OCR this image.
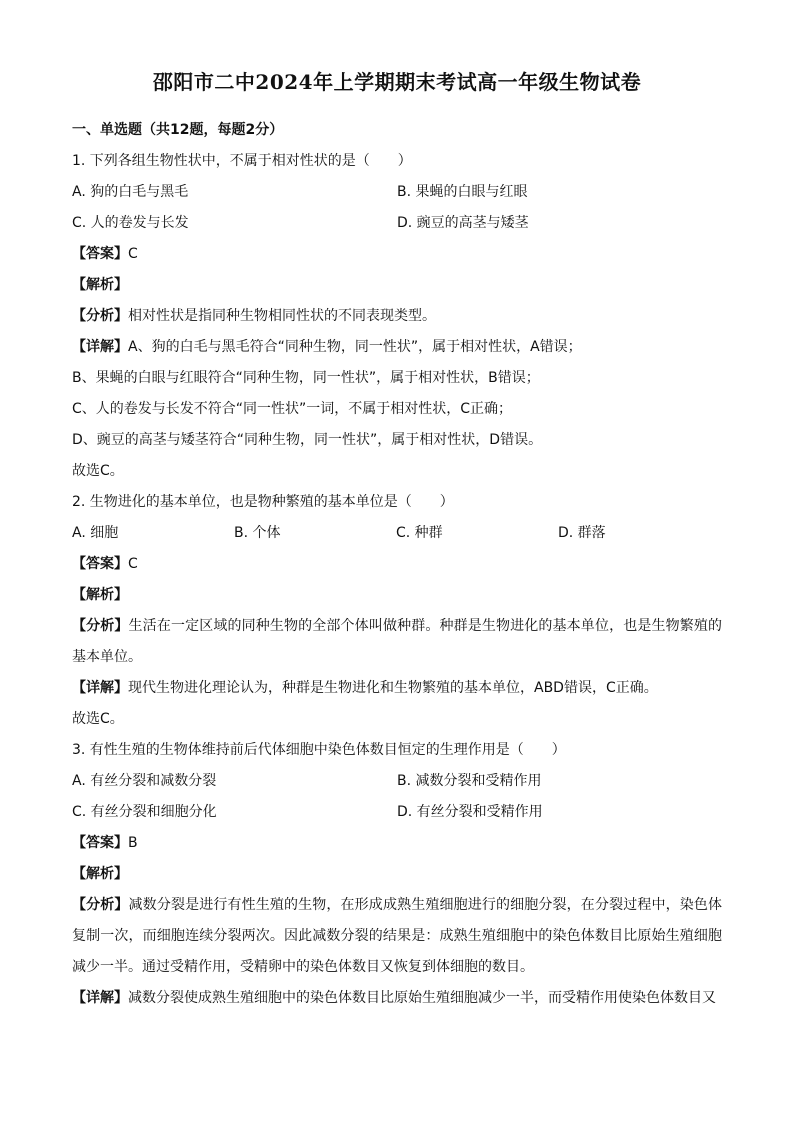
邵阳市二中2024年上学期期末考试高一年级生物试卷
一、单选题（共12题，每题2分）
1. 下列各组生物性状中，不属于相对性状的是（　　）
A. 狗的白毛与黑毛	B. 果蝇的白眼与红眼
C. 人的卷发与长发	D. 豌豆的高茎与矮茎
【答案】C
【解析】
【分析】相对性状是指同种生物相同性状的不同表现类型。
【详解】A、狗的白毛与黑毛符合“同种生物，同一性状”，属于相对性状，A错误；
B、果蝇的白眼与红眼符合“同种生物，同一性状”，属于相对性状，B错误；
C、人的卷发与长发不符合“同一性状”一词，不属于相对性状，C正确；
D、豌豆的高茎与矮茎符合“同种生物，同一性状”，属于相对性状，D错误。
故选C。
2. 生物进化的基本单位，也是物种繁殖的基本单位是（　　）
A. 细胞	B. 个体	C. 种群	D. 群落
【答案】C
【解析】
【分析】生活在一定区域的同种生物的全部个体叫做种群。种群是生物进化的基本单位，也是生物繁殖的基本单位。
【详解】现代生物进化理论认为，种群是生物进化和生物繁殖的基本单位，ABD错误，C正确。
故选C。
3. 有性生殖的生物体维持前后代体细胞中染色体数目恒定的生理作用是（　　）
A. 有丝分裂和减数分裂	B. 减数分裂和受精作用
C. 有丝分裂和细胞分化	D. 有丝分裂和受精作用
【答案】B
【解析】
【分析】减数分裂是进行有性生殖的生物，在形成成熟生殖细胞进行的细胞分裂，在分裂过程中，染色体复制一次，而细胞连续分裂两次。因此减数分裂的结果是：成熟生殖细胞中的染色体数目比原始生殖细胞减少一半。通过受精作用，受精卵中的染色体数目又恢复到体细胞的数目。
【详解】减数分裂使成熟生殖细胞中的染色体数目比原始生殖细胞减少一半，而受精作用使染色体数目又
